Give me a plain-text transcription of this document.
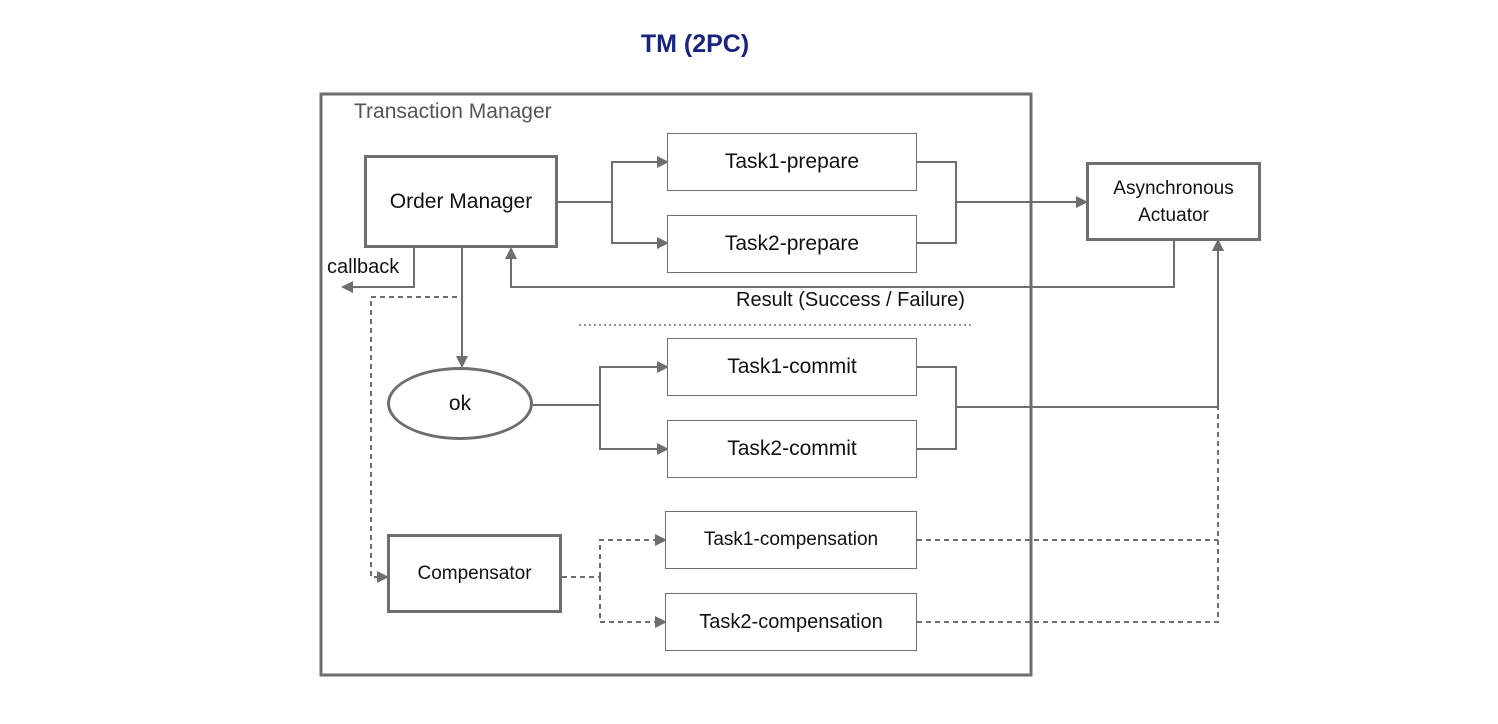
TM (2PC)
Transaction Manager
Order Manager
Task1-prepare
Task2-prepare
Asynchronous
Actuator
ok
Task1-commit
Task2-commit
Compensator
Task1-compensation
Task2-compensation
callback
Result (Success / Failure)
